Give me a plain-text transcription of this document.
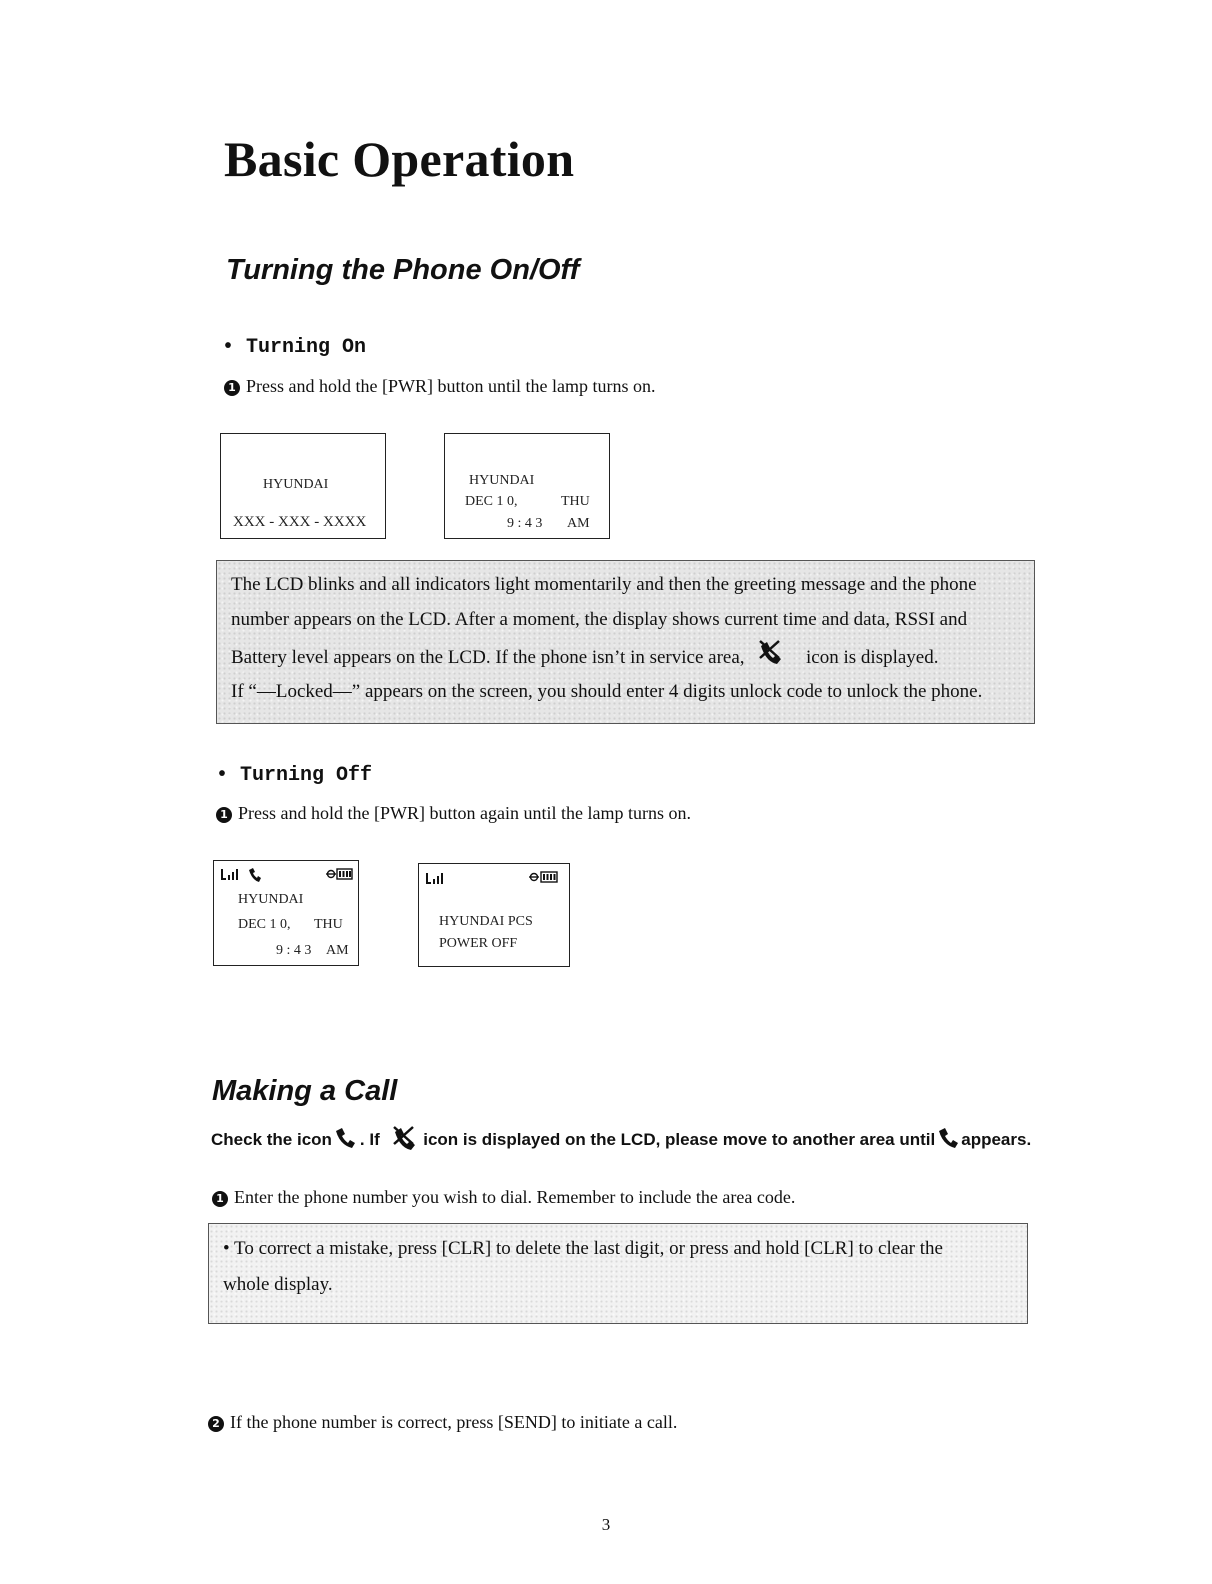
Basic Operation
Turning the Phone On/Off
• Turning On
1 Press and hold the [PWR] button until the lamp turns on.
HYUNDAI
XXX - XXX - XXXX
HYUNDAI
DEC 1 0,	THU
9 : 4 3 AM

The LCD blinks and all indicators light momentarily and then the greeting message and the phone

number appears on the LCD. After a moment, the display shows current time and data, RSSI and

Battery level appears on the LCD. If the phone isn’t in service area,	icon is displayed.

If “—Locked—” appears on the screen, you should enter 4 digits unlock code to unlock the phone.

• Turning Off
1 Press and hold the [PWR] button again until the lamp turns on.
HYUNDAI
DEC 1 0, THU
9 : 4 3 AM
HYUNDAI PCS
POWER OFF
Making a Call
Check the icon . If	icon is displayed on the LCD, please move to another area until appears.
1 Enter the phone number you wish to dial. Remember to include the area code.

• To correct a mistake, press [CLR] to delete the last digit, or press and hold [CLR] to clear the

whole display.

2 If the phone number is correct, press [SEND] to initiate a call.
3
